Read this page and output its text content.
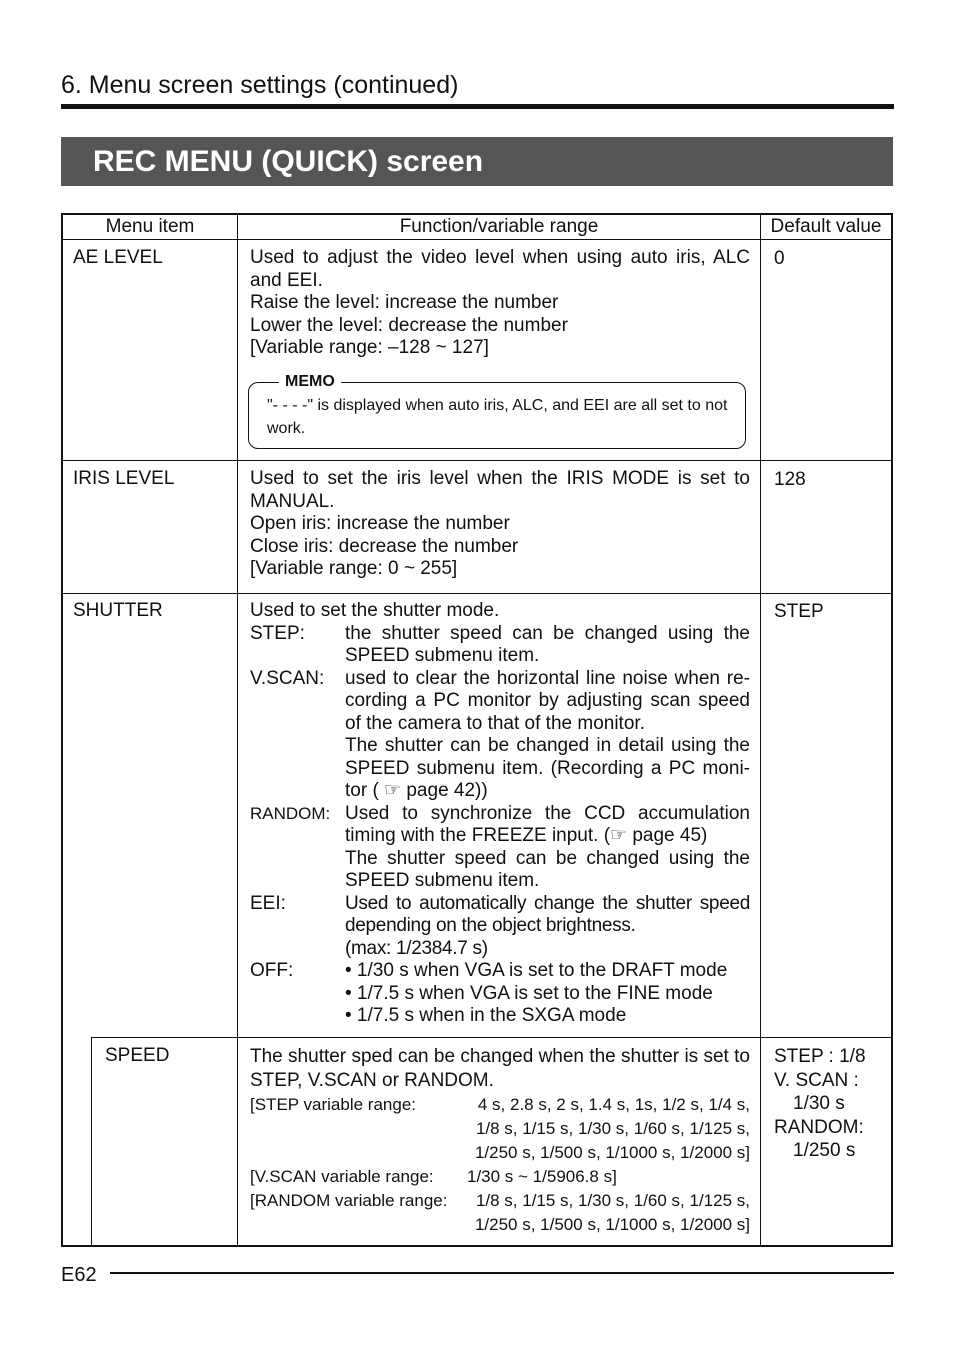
6. Menu screen settings (continued)
REC MENU (QUICK) screen
Menu item	Function/variable range	Default value
AE LEVEL	Used to adjust the video level when using auto iris, ALC and EEI.

Raise the level: increase the number

Lower the level: decrease the number

[Variable range: –128 ~ 127]

MEMO
"- - - -" is displayed when auto iris, ALC, and EEI are all set to not work.
0
IRIS LEVEL	Used to set the iris level when the IRIS MODE is set to MANUAL.

Open iris: increase the number

Close iris: decrease the number

[Variable range: 0 ~ 255]

128
SHUTTER	Used to set the shutter mode.

STEP:	the shutter speed can be changed using the SPEED submenu item.
V.SCAN:	used to clear the horizontal line noise when re-cording a PC monitor by adjusting scan speed of the camera to that of the monitor.
The shutter can be changed in detail using the SPEED submenu item. (Recording a PC moni-tor ( ☞ page 42))
RANDOM: Used to synchronize the CCD accumulation timing with the FREEZE input. (☞ page 45)
The shutter speed can be changed using the SPEED submenu item.
EEI:	Used to automatically change the shutter speed depending on the object brightness.
(max: 1/2384.7 s)
OFF:	• 1/30 s when VGA is set to the DRAFT mode
• 1/7.5 s when VGA is set to the FINE mode
• 1/7.5 s when in the SXGA mode
STEP
SPEED	The shutter sped can be changed when the shutter is set to STEP, V.SCAN or RANDOM.

[STEP variable range:	4 s, 2.8 s, 2 s, 1.4 s, 1s, 1/2 s, 1/4 s,
1/8 s, 1/15 s, 1/30 s, 1/60 s, 1/125 s,
1/250 s, 1/500 s, 1/1000 s, 1/2000 s]
[V.SCAN variable range:	1/30 s ~ 1/5906.8 s]
[RANDOM variable range:	1/8 s, 1/15 s, 1/30 s, 1/60 s, 1/125 s,
1/250 s, 1/500 s, 1/1000 s, 1/2000 s]
STEP : 1/8
V. SCAN :
1/30 s
RANDOM:
1/250 s
E62
